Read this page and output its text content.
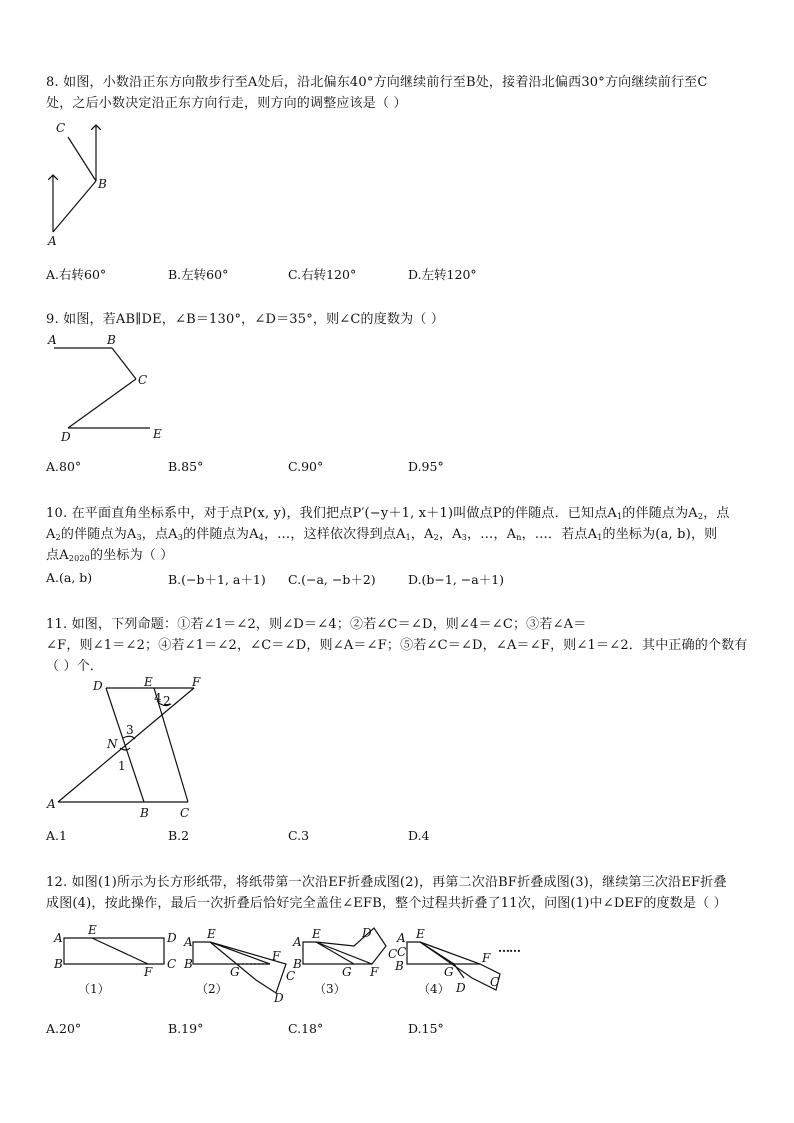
8. 如图，小数沿正东方向散步行至A处后，沿北偏东40°方向继续前行至B处，接着沿北偏西30°方向继续前行至C
处，之后小数决定沿正东方向行走，则方向的调整应该是（ ）
C
B
A
A.右转60°	B.左转60°	C.右转120°	D.左转120°
9. 如图，若AB∥DE，∠B＝130°，∠D＝35°，则∠C的度数为（ ）
A	B
C
D	E
A.80°	B.85°	C.90°	D.95°
10. 在平面直角坐标系中，对于点P(x, y)，我们把点P′(−y＋1, x＋1)叫做点P的伴随点．已知点$A_1$的伴随点为$A_2$，点
$A_2$的伴随点为$A_3$，点$A_3$的伴随点为$A_4$，…，这样依次得到点$A_1$，$A_2$，$A_3$，…，$A_n$，…．若点$A_1$的坐标为(a, b)，则
点$A_{2020}$的坐标为（ ）
A.(a, b)	B.(−b＋1, a＋1) C.(−a, −b＋2)	D.(b−1, −a＋1)
11. 如图，下列命题：①若∠1＝∠2，则∠D＝∠4；②若∠C＝∠D，则∠4＝∠C；③若∠A＝
∠F，则∠1＝∠2；④若∠1＝∠2，∠C＝∠D，则∠A＝∠F；⑤若∠C＝∠D，∠A＝∠F，则∠1＝∠2．其中正确的个数有
（ ）个．
D	E	F
4 2
3
N
1
A
B	C
A.1	B.2	C.3	D.4
12. 如图(1)所示为长方形纸带，将纸带第一次沿EF折叠成图(2)，再第二次沿BF折叠成图(3)，继续第三次沿EF折叠
成图(4)，按此操作，最后一次折叠后恰好完全盖住∠EFB，整个过程共折叠了11次，问图(1)中∠DEF的度数是（ ）
A
E
D
B
F
C
（1）
A
E
B
G
F
C
D
（2）
A
E	D
C
B
G F
（3）
A E
C
B	G
F
D C
……
（4）
A.20°	B.19°	C.18°	D.15°
